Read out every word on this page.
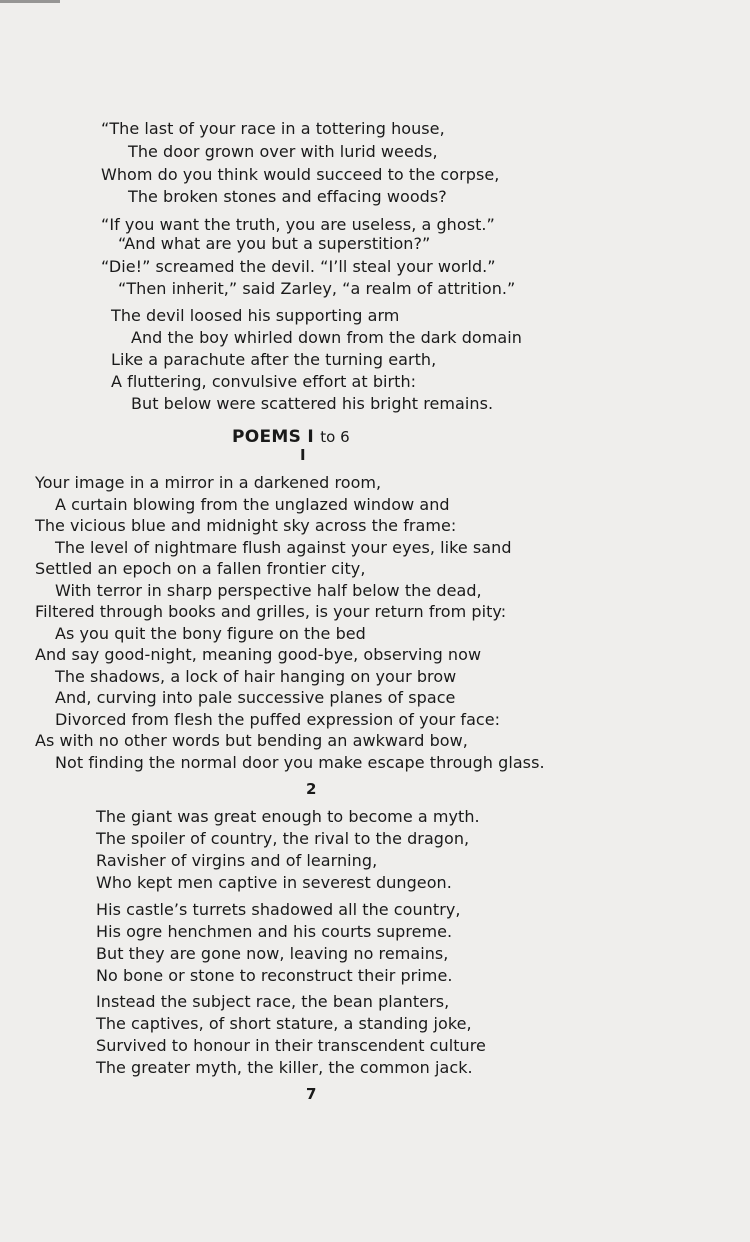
“The last of your race in a tottering house,
The door grown over with lurid weeds,
Whom do you think would succeed to the corpse,
The broken stones and effacing woods?
“If you want the truth, you are useless, a ghost.”
“And what are you but a superstition?”
“Die!” screamed the devil. “I’ll steal your world.”
“Then inherit,” said Zarley, “a realm of attrition.”
The devil loosed his supporting arm
And the boy whirled down from the dark domain
Like a parachute after the turning earth,
A fluttering, convulsive effort at birth:
But below were scattered his bright remains.
POEMS I to 6
I
Your image in a mirror in a darkened room,
A curtain blowing from the unglazed window and
The vicious blue and midnight sky across the frame:
The level of nightmare flush against your eyes, like sand
Settled an epoch on a fallen frontier city,
With terror in sharp perspective half below the dead,
Filtered through books and grilles, is your return from pity:
As you quit the bony figure on the bed
And say good-night, meaning good-bye, observing now
The shadows, a lock of hair hanging on your brow
And, curving into pale successive planes of space
Divorced from flesh the puffed expression of your face:
As with no other words but bending an awkward bow,
Not finding the normal door you make escape through glass.
2
The giant was great enough to become a myth.
The spoiler of country, the rival to the dragon,
Ravisher of virgins and of learning,
Who kept men captive in severest dungeon.
His castle’s turrets shadowed all the country,
His ogre henchmen and his courts supreme.
But they are gone now, leaving no remains,
No bone or stone to reconstruct their prime.
Instead the subject race, the bean planters,
The captives, of short stature, a standing joke,
Survived to honour in their transcendent culture
The greater myth, the killer, the common jack.
7
